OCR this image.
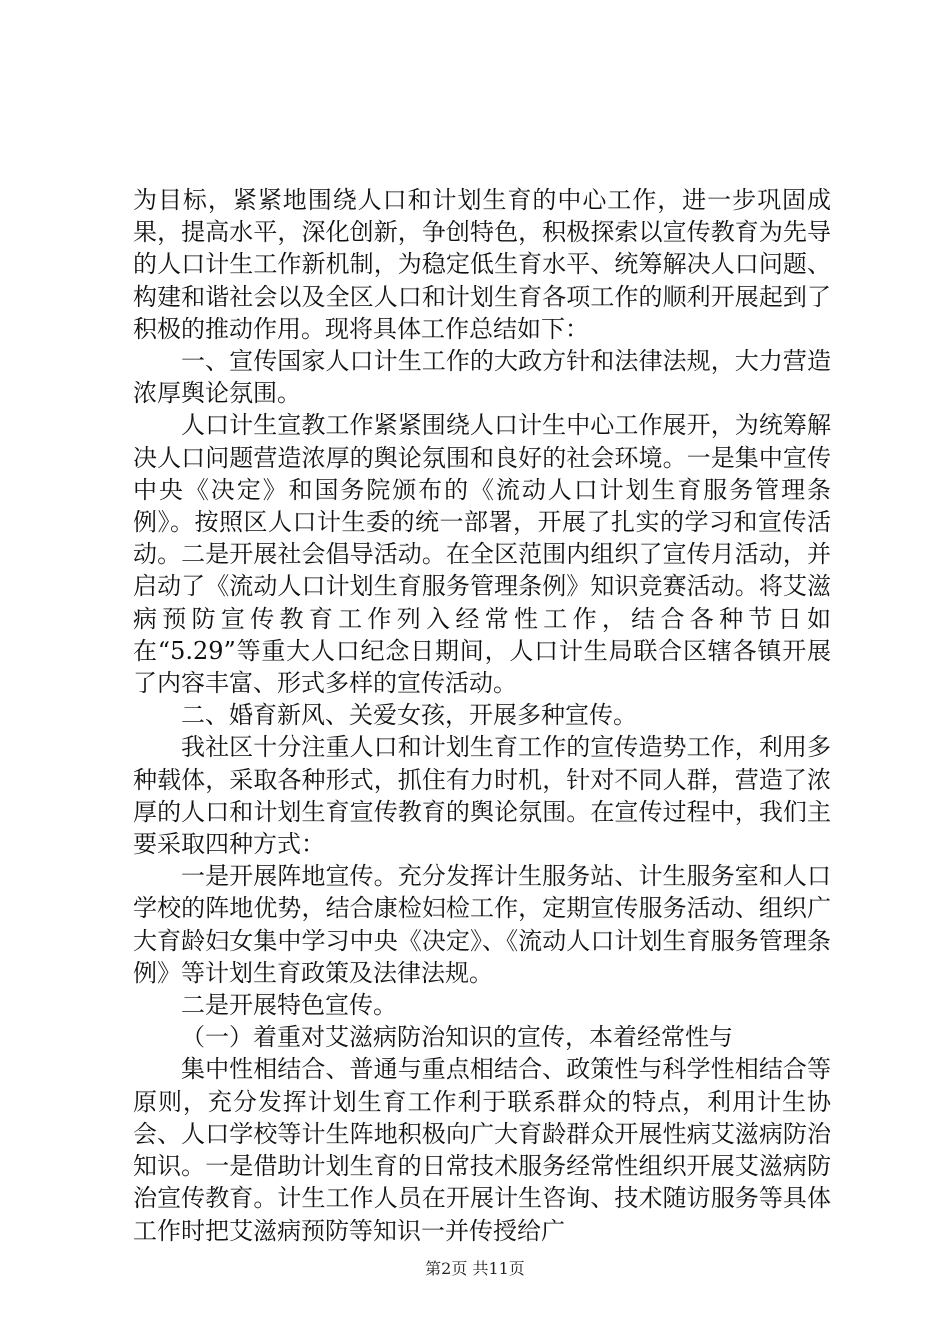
为目标，紧紧地围绕人口和计划生育的中心工作，进一步巩固成果，提高水平，深化创新，争创特色，积极探索以宣传教育为先导的人口计生工作新机制，为稳定低生育水平、统筹解决人口问题、构建和谐社会以及全区人口和计划生育各项工作的顺利开展起到了积极的推动作用。现将具体工作总结如下：

一、宣传国家人口计生工作的大政方针和法律法规，大力营造浓厚舆论氛围。

人口计生宣教工作紧紧围绕人口计生中心工作展开，为统筹解决人口问题营造浓厚的舆论氛围和良好的社会环境。一是集中宣传中央《决定》和国务院颁布的《流动人口计划生育服务管理条例》。按照区人口计生委的统一部署，开展了扎实的学习和宣传活动。二是开展社会倡导活动。在全区范围内组织了宣传月活动，并启动了《流动人口计划生育服务管理条例》知识竞赛活动。将艾滋病预防宣传教育工作列入经常性工作，结合各种节日如在“5.29”等重大人口纪念日期间，人口计生局联合区辖各镇开展了内容丰富、形式多样的宣传活动。

二、婚育新风、关爱女孩，开展多种宣传。

我社区十分注重人口和计划生育工作的宣传造势工作，利用多种载体，采取各种形式，抓住有力时机，针对不同人群，营造了浓厚的人口和计划生育宣传教育的舆论氛围。在宣传过程中，我们主要采取四种方式：

一是开展阵地宣传。充分发挥计生服务站、计生服务室和人口学校的阵地优势，结合康检妇检工作，定期宣传服务活动、组织广大育龄妇女集中学习中央《决定》、《流动人口计划生育服务管理条例》等计划生育政策及法律法规。

二是开展特色宣传。

（一）着重对艾滋病防治知识的宣传，本着经常性与

集中性相结合、普通与重点相结合、政策性与科学性相结合等原则，充分发挥计划生育工作利于联系群众的特点，利用计生协会、人口学校等计生阵地积极向广大育龄群众开展性病艾滋病防治知识。一是借助计划生育的日常技术服务经常性组织开展艾滋病防治宣传教育。计生工作人员在开展计生咨询、技术随访服务等具体工作时把艾滋病预防等知识一并传授给广

第2页 共11页
